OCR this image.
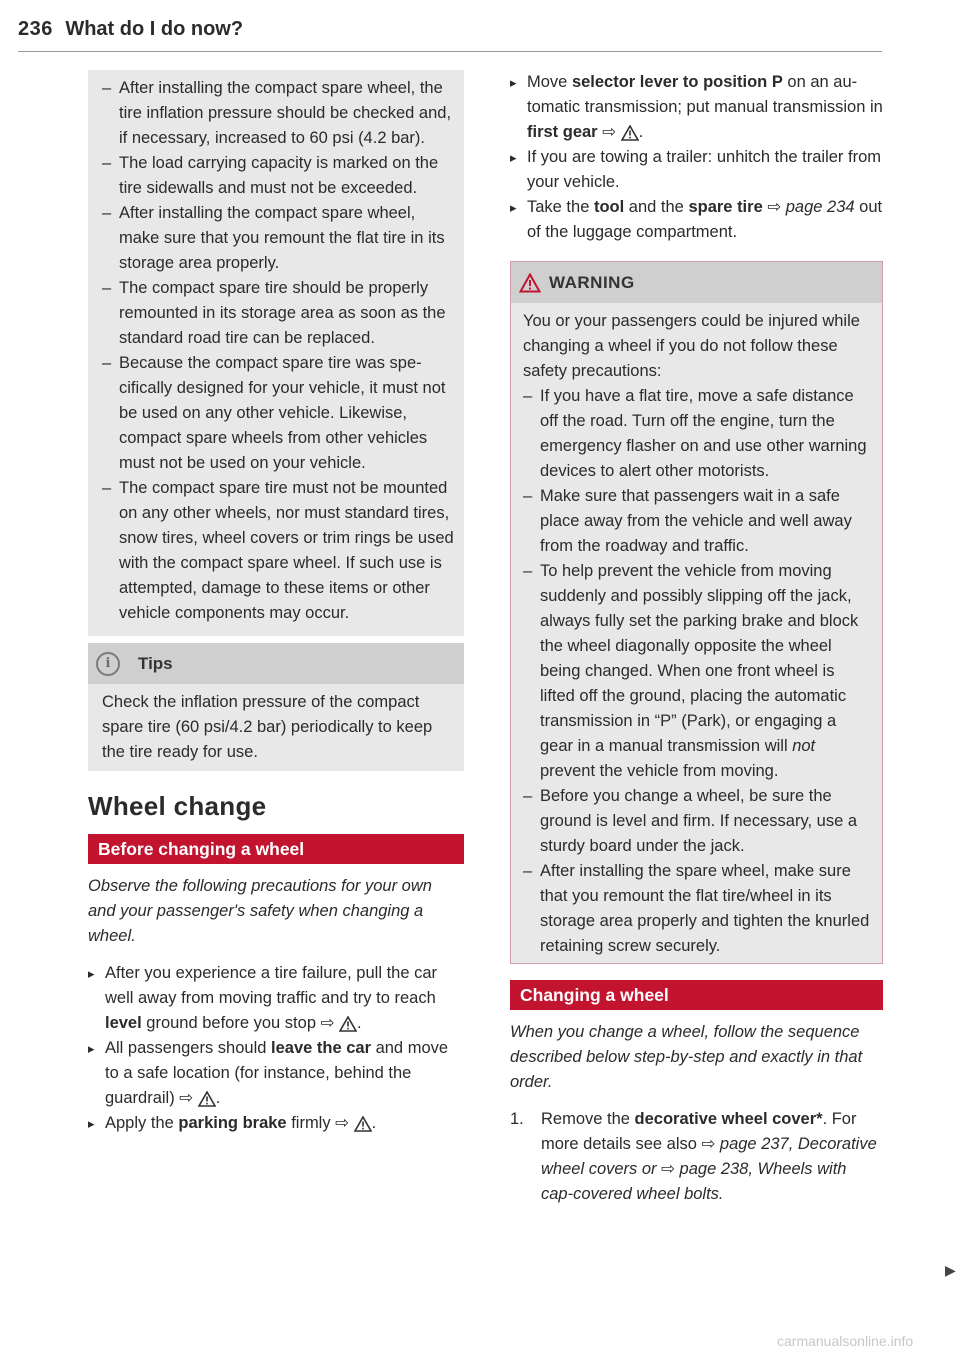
236 What do I do now?
– After installing the compact spare wheel, the tire inflation pressure should be checked and, if necessary, increased to 60 psi (4.2 bar).
– The load carrying capacity is marked on the tire sidewalls and must not be exceeded.
– After installing the compact spare wheel, make sure that you remount the flat tire in its storage area properly.
– The compact spare tire should be properly remounted in its storage area as soon as the standard road tire can be replaced.
– Because the compact spare tire was specifically designed for your vehicle, it must not be used on any other vehicle. Likewise, compact spare wheels from other vehicles must not be used on your vehicle.
– The compact spare tire must not be mounted on any other wheels, nor must standard tires, snow tires, wheel covers or trim rings be used with the compact spare wheel. If such use is attempted, damage to these items or other vehicle components may occur.
i	Tips
Check the inflation pressure of the compact spare tire (60 psi/4.2 bar) periodically to keep the tire ready for use.
Wheel change
Before changing a wheel

Observe the following precautions for your own and your passenger's safety when changing a wheel.

▸ After you experience a tire failure, pull the car well away from moving traffic and try to reach level ground before you stop ⇨ .
▸ All passengers should leave the car and move to a safe location (for instance, behind the guardrail) ⇨ .
▸ Apply the parking brake firmly ⇨ .
▸ Move selector lever to position P on an automatic transmission; put manual transmission in first gear ⇨ .
▸ If you are towing a trailer: unhitch the trailer from your vehicle.
▸ Take the tool and the spare tire ⇨ page 234 out of the luggage compartment.
WARNING

You or your passengers could be injured while changing a wheel if you do not follow these safety precautions:

– If you have a flat tire, move a safe distance off the road. Turn off the engine, turn the emergency flasher on and use other warning devices to alert other motorists.
– Make sure that passengers wait in a safe place away from the vehicle and well away from the roadway and traffic.
– To help prevent the vehicle from moving suddenly and possibly slipping off the jack, always fully set the parking brake and block the wheel diagonally opposite the wheel being changed. When one front wheel is lifted off the ground, placing the automatic transmission in “P” (Park), or engaging a gear in a manual transmission will not prevent the vehicle from moving.
– Before you change a wheel, be sure the ground is level and firm. If necessary, use a sturdy board under the jack.
– After installing the spare wheel, make sure that you remount the flat tire/wheel in its storage area properly and tighten the knurled retaining screw securely.
Changing a wheel

When you change a wheel, follow the sequence described below step-by-step and exactly in that order.

1. Remove the decorative wheel cover*. For more details see also ⇨ page 237, Decorative wheel covers or ⇨ page 238, Wheels with cap-covered wheel bolts.
▶
carmanualsonline.info
